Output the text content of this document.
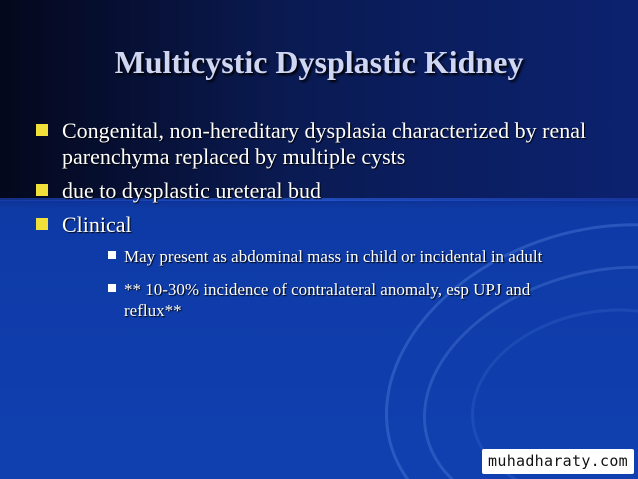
Multicystic Dysplastic Kidney
Congenital, non-hereditary dysplasia characterized by renal parenchyma replaced by multiple cysts
due to dysplastic ureteral bud
Clinical
May present as abdominal mass in child or incidental in adult
** 10-30% incidence of contralateral anomaly, esp UPJ and reflux**
muhadharaty.com
